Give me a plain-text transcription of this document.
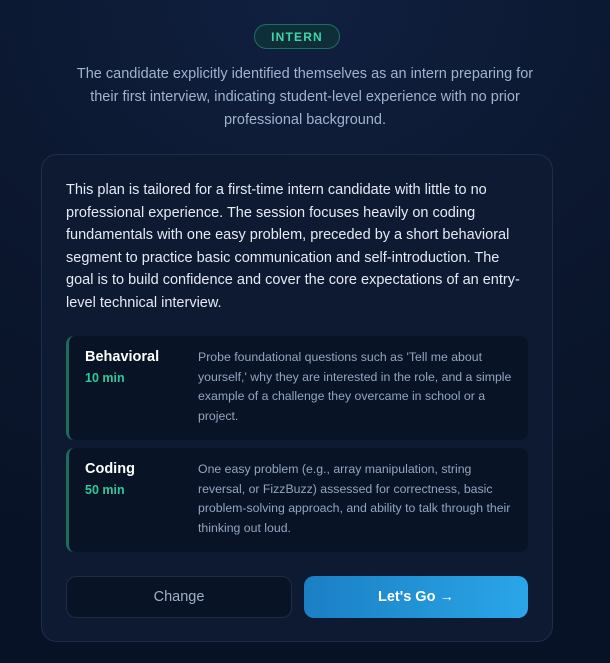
INTERN
The candidate explicitly identified themselves as an intern preparing for their first interview, indicating student-level experience with no prior professional background.
This plan is tailored for a first-time intern candidate with little to no professional experience. The session focuses heavily on coding fundamentals with one easy problem, preceded by a short behavioral segment to practice basic communication and self-introduction. The goal is to build confidence and cover the core expectations of an entry-level technical interview.
Behavioral
10 min
Probe foundational questions such as 'Tell me about yourself,' why they are interested in the role, and a simple example of a challenge they overcame in school or a project.
Coding
50 min
One easy problem (e.g., array manipulation, string reversal, or FizzBuzz) assessed for correctness, basic problem-solving approach, and ability to talk through their thinking out loud.
Change	Let's Go →
